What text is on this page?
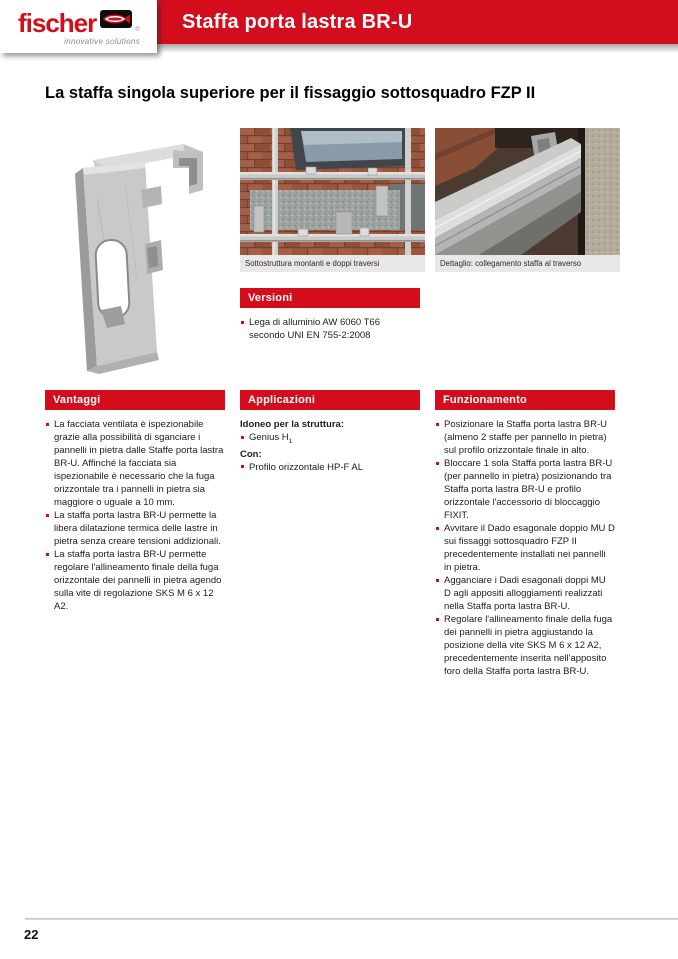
Staffa porta lastra BR-U
fischer	®
innovative solutions
La staffa singola superiore per il fissaggio sottosquadro FZP II
Sottostruttura montanti e doppi traversi	Dettaglio: collegamento staffa al traverso
Versioni
Lega di alluminio AW 6060 T66 secondo UNI EN 755-2:2008
Vantaggi
La facciata ventilata è ispezionabile grazie alla possibilità di sganciare i pannelli in pietra dalle Staffe porta lastra BR-U. Affinché la facciata sia ispezionabile è necessario che la fuga orizzontale tra i pannelli in pietra sia maggiore o uguale a 10 mm.
La staffa porta lastra BR-U permette la libera dilatazione termica delle lastre in pietra senza creare tensioni addizionali.
La staffa porta lastra BR-U permette regolare l'allineamento finale della fuga orizzontale dei pannelli in pietra agendo sulla vite di regolazione SKS M 6 x 12 A2.
Applicazioni
Idoneo per la struttura:
Genius $H_1$
Con:
Profilo orizzontale HP-F AL
Funzionamento
Posizionare la Staffa porta lastra BR-U (almeno 2 staffe per pannello in pietra) sul profilo orizzontale finale in alto.
Bloccare 1 sola Staffa porta lastra BR-U (per pannello in pietra) posizionando tra Staffa porta lastra BR-U e profilo orizzontale l'accessorio di bloccaggio FIXIT.
Avvitare il Dado esagonale doppio MU D sui fissaggi sottosquadro FZP II precedentemente installati nei pannelli in pietra.
Agganciare i Dadi esagonali doppi MU D agli appositi alloggiamenti realizzati nella Staffa porta lastra BR-U.
Regolare l'allineamento finale della fuga dei pannelli in pietra aggiustando la posizione della vite SKS M 6 x 12 A2, precedentemente inserita nell'apposito foro della Staffa porta lastra BR-U.
22
